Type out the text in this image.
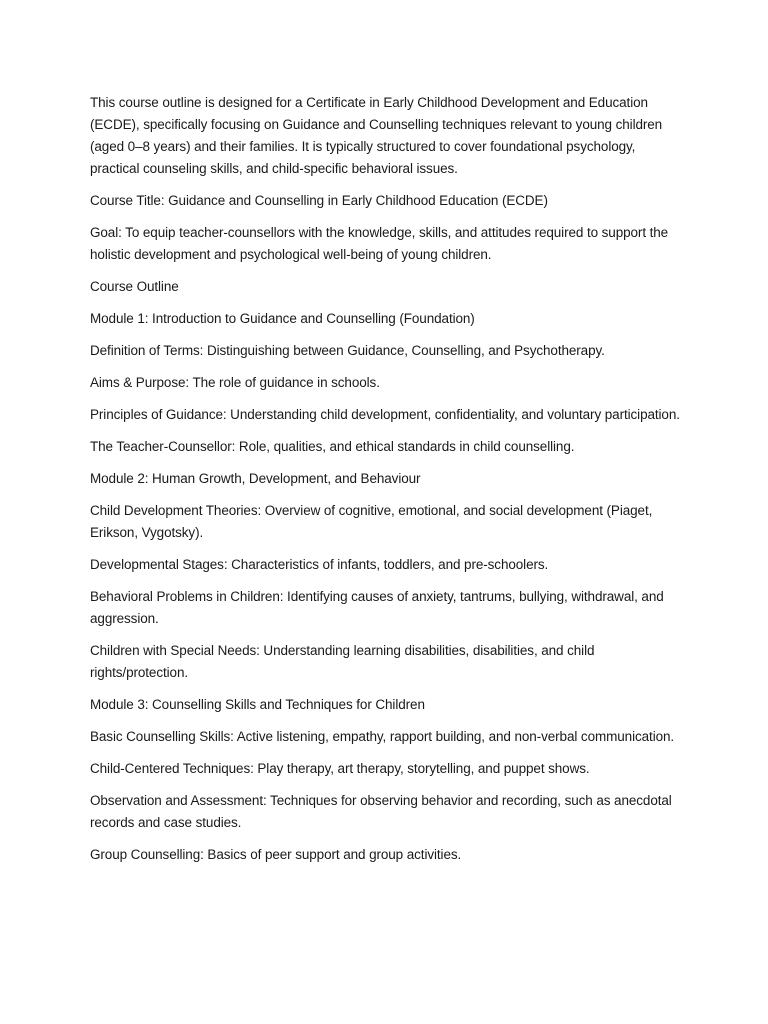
This course outline is designed for a Certificate in Early Childhood Development and Education (ECDE), specifically focusing on Guidance and Counselling techniques relevant to young children (aged 0–8 years) and their families. It is typically structured to cover foundational psychology, practical counseling skills, and child-specific behavioral issues.

Course Title: Guidance and Counselling in Early Childhood Education (ECDE)

Goal: To equip teacher-counsellors with the knowledge, skills, and attitudes required to support the holistic development and psychological well-being of young children.

Course Outline

Module 1: Introduction to Guidance and Counselling (Foundation)

Definition of Terms: Distinguishing between Guidance, Counselling, and Psychotherapy.

Aims & Purpose: The role of guidance in schools.

Principles of Guidance: Understanding child development, confidentiality, and voluntary participation.

The Teacher-Counsellor: Role, qualities, and ethical standards in child counselling.

Module 2: Human Growth, Development, and Behaviour

Child Development Theories: Overview of cognitive, emotional, and social development (Piaget, Erikson, Vygotsky).

Developmental Stages: Characteristics of infants, toddlers, and pre-schoolers.

Behavioral Problems in Children: Identifying causes of anxiety, tantrums, bullying, withdrawal, and aggression.

Children with Special Needs: Understanding learning disabilities, disabilities, and child rights/protection.

Module 3: Counselling Skills and Techniques for Children

Basic Counselling Skills: Active listening, empathy, rapport building, and non-verbal communication.

Child-Centered Techniques: Play therapy, art therapy, storytelling, and puppet shows.

Observation and Assessment: Techniques for observing behavior and recording, such as anecdotal records and case studies.

Group Counselling: Basics of peer support and group activities.
